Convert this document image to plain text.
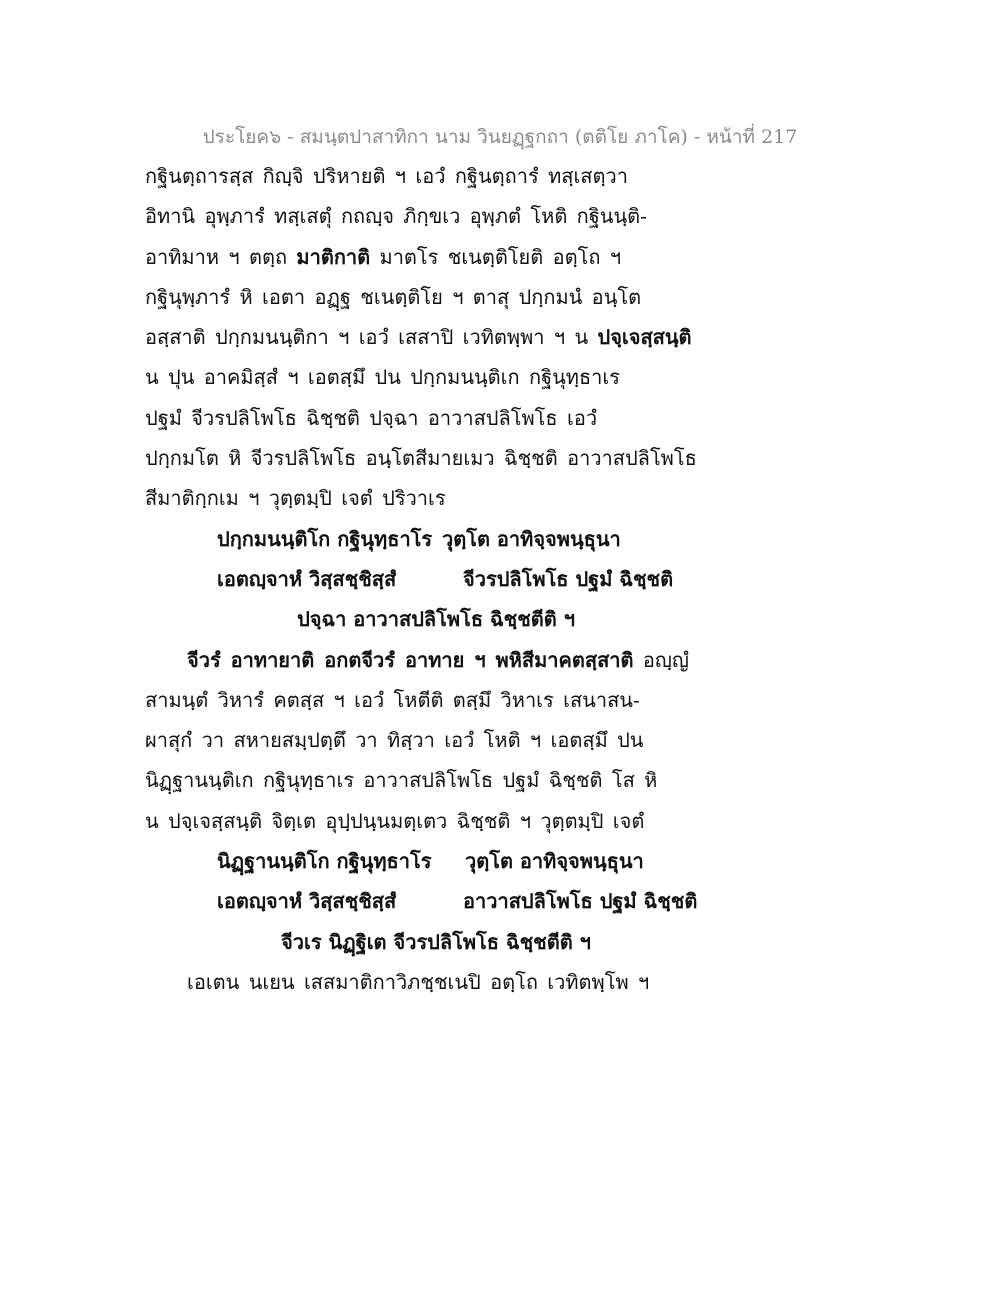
ประโยค๖ - สมนฺตปาสาทิกา นาม วินยฏฺฐกถา (ตติโย ภาโค) - หน้าที่ 217
กฐินตฺถารสฺส กิญฺจิ ปริหายติ ฯ เอวํ กฐินตฺถารํ ทสฺเสตฺวา
อิทานิ อุพฺภารํ ทสฺเสตุํ กถญฺจ ภิกฺขเว อุพฺภตํ โหติ กฐินนฺติ-
อาทิมาห ฯ ตตฺถ มาติกาติ มาตโร ชเนตฺติโยติ อตฺโถ ฯ
กฐินุพฺภารํ หิ เอตา อฏฺฐ ชเนตฺติโย ฯ ตาสุ ปกฺกมนํ อนฺโต
อสฺสาติ ปกฺกมนนฺติกา ฯ เอวํ เสสาปิ เวทิตพฺพา ฯ น ปจฺเจสฺสนฺติ
น ปุน อาคมิสฺสํ ฯ เอตสฺมึ ปน ปกฺกมนนฺติเก กฐินุทฺธาเร
ปฐมํ จีวรปลิโพโธ ฉิชฺชติ ปจฺฉา อาวาสปลิโพโธ เอวํ
ปกฺกมโต หิ จีวรปลิโพโธ อนฺโตสีมายเมว ฉิชฺชติ อาวาสปลิโพโธ
สีมาติกฺกเม ฯ วุตฺตมฺปิ เจตํ ปริวาเร
ปกฺกมนนฺติโก กฐินุทฺธาโร วุตฺโต อาทิจฺจพนฺธุนา
เอตญฺจาหํ วิสฺสชฺชิสฺสํ	จีวรปลิโพโธ ปฐมํ ฉิชฺชติ
ปจฺฉา อาวาสปลิโพโธ ฉิชฺชตีติ ฯ
จีวรํ อาทายาติ อกตจีวรํ อาทาย ฯ พหิสีมาคตสฺสาติ อญฺญํ
สามนฺตํ วิหารํ คตสฺส ฯ เอวํ โหตีติ ตสฺมึ วิหาเร เสนาสน-
ผาสุกํ วา สหายสมฺปตฺตึ วา ทิสฺวา เอวํ โหติ ฯ เอตสฺมึ ปน
นิฏฺฐานนฺติเก กฐินุทฺธาเร อาวาสปลิโพโธ ปฐมํ ฉิชฺชติ โส หิ
น ปจฺเจสฺสนฺติ จิตฺเต อุปฺปนฺนมตฺเตว ฉิชฺชติ ฯ วุตฺตมฺปิ เจตํ
นิฏฺฐานนฺติโก กฐินุทฺธาโร วุตฺโต อาทิจฺจพนฺธุนา
เอตญฺจาหํ วิสฺสชฺชิสฺสํ	อาวาสปลิโพโธ ปฐมํ ฉิชฺชติ
จีวเร นิฏฺฐิเต จีวรปลิโพโธ ฉิชฺชตีติ ฯ
เอเตน นเยน เสสมาติกาวิภชฺชเนปิ อตฺโถ เวทิตพฺโพ ฯ
